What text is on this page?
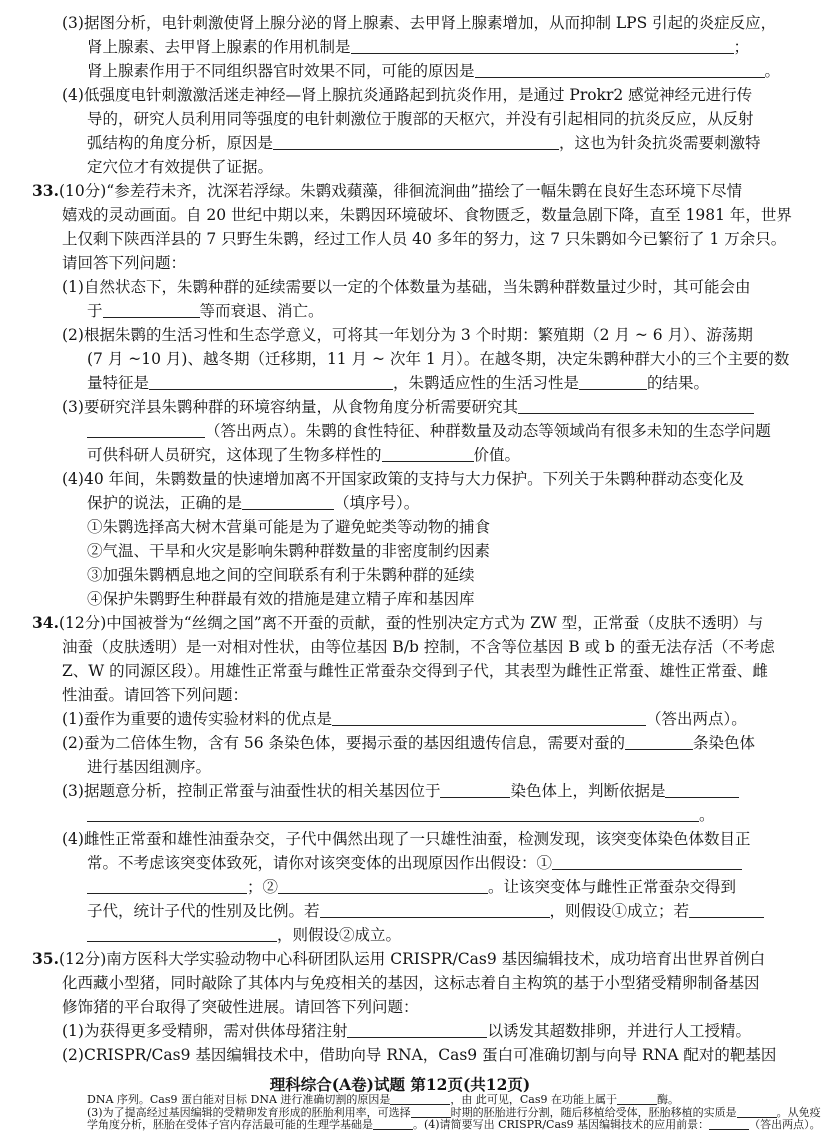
(3)据图分析，电针刺激使肾上腺分泌的肾上腺素、去甲肾上腺素增加，从而抑制 LPS 引起的炎症反应，
肾上腺素、去甲肾上腺素的作用机制是	；
肾上腺素作用于不同组织器官时效果不同，可能的原因是	。
(4)低强度电针刺激激活迷走神经—肾上腺抗炎通路起到抗炎作用，是通过 Prokr2 感觉神经元进行传
导的，研究人员利用同等强度的电针刺激位于腹部的天枢穴，并没有引起相同的抗炎反应，从反射
弧结构的角度分析，原因是	，这也为针灸抗炎需要刺激特
定穴位才有效提供了证据。
33.(10分)“参差荇未齐，沈深若浮绿。朱鹮戏蘋藻，徘徊流涧曲”描绘了一幅朱鹮在良好生态环境下尽情
嬉戏的灵动画面。自 20 世纪中期以来，朱鹮因环境破坏、食物匮乏，数量急剧下降，直至 1981 年，世界
上仅剩下陕西洋县的 7 只野生朱鹮，经过工作人员 40 多年的努力，这 7 只朱鹮如今已繁衍了 1 万余只。
请回答下列问题：
(1)自然状态下，朱鹮种群的延续需要以一定的个体数量为基础，当朱鹮种群数量过少时，其可能会由
于	等而衰退、消亡。
(2)根据朱鹮的生活习性和生态学意义，可将其一年划分为 3 个时期：繁殖期（2 月 ~ 6 月）、游荡期
(7 月 ~10 月)、越冬期（迁移期，11 月 ~ 次年 1 月）。在越冬期，决定朱鹮种群大小的三个主要的数
量特征是	，朱鹮适应性的生活习性是	的结果。
(3)要研究洋县朱鹮种群的环境容纳量，从食物角度分析需要研究其
（答出两点）。朱鹮的食性特征、种群数量及动态等领域尚有很多未知的生态学问题
可供科研人员研究，这体现了生物多样性的	价值。
(4)40 年间，朱鹮数量的快速增加离不开国家政策的支持与大力保护。下列关于朱鹮种群动态变化及
保护的说法，正确的是	（填序号）。
①朱鹮选择高大树木营巢可能是为了避免蛇类等动物的捕食
②气温、干旱和火灾是影响朱鹮种群数量的非密度制约因素
③加强朱鹮栖息地之间的空间联系有利于朱鹮种群的延续
④保护朱鹮野生种群最有效的措施是建立精子库和基因库
34.(12分)中国被誉为“丝绸之国”离不开蚕的贡献，蚕的性别决定方式为 ZW 型，正常蚕（皮肤不透明）与
油蚕（皮肤透明）是一对相对性状，由等位基因 B/b 控制，不含等位基因 B 或 b 的蚕无法存活（不考虑
Z、W 的同源区段）。用雄性正常蚕与雌性正常蚕杂交得到子代，其表型为雌性正常蚕、雄性正常蚕、雌
性油蚕。请回答下列问题：
(1)蚕作为重要的遗传实验材料的优点是	（答出两点）。
(2)蚕为二倍体生物，含有 56 条染色体，要揭示蚕的基因组遗传信息，需要对蚕的	条染色体
进行基因组测序。
(3)据题意分析，控制正常蚕与油蚕性状的相关基因位于	染色体上，判断依据是
。
(4)雌性正常蚕和雄性油蚕杂交，子代中偶然出现了一只雄性油蚕，检测发现，该突变体染色体数目正
常。不考虑该突变体致死，请你对该突变体的出现原因作出假设：①
；②	。让该突变体与雌性正常蚕杂交得到
子代，统计子代的性别及比例。若	，则假设①成立；若
，则假设②成立。
35.(12分)南方医科大学实验动物中心科研团队运用 CRISPR/Cas9 基因编辑技术，成功培育出世界首例白
化西藏小型猪，同时敲除了其体内与免疫相关的基因，这标志着自主构筑的基于小型猪受精卵制备基因
修饰猪的平台取得了突破性进展。请回答下列问题：
(1)为获得更多受精卵，需对供体母猪注射	以诱发其超数排卵，并进行人工授精。
(2)CRISPR/Cas9 基因编辑技术中，借助向导 RNA，Cas9 蛋白可准确切割与向导 RNA 配对的靶基因
理科综合(A卷)试题 第12页(共12页)
DNA 序列。Cas9 蛋白能对目标 DNA 进行准确切割的原因是	，由 此可见，Cas9 在功能上属于	酶。
(3)为了提高经过基因编辑的受精卵发育形成的胚胎利用率，可选择	时期的胚胎进行分割，随后移植给受体，胚胎移植的实质是	。从免疫
学角度分析，胚胎在受体子宫内存活最可能的生理学基础是	。(4)请简要写出 CRISPR/Cas9 基因编辑技术的应用前景：	（答出两点）。
